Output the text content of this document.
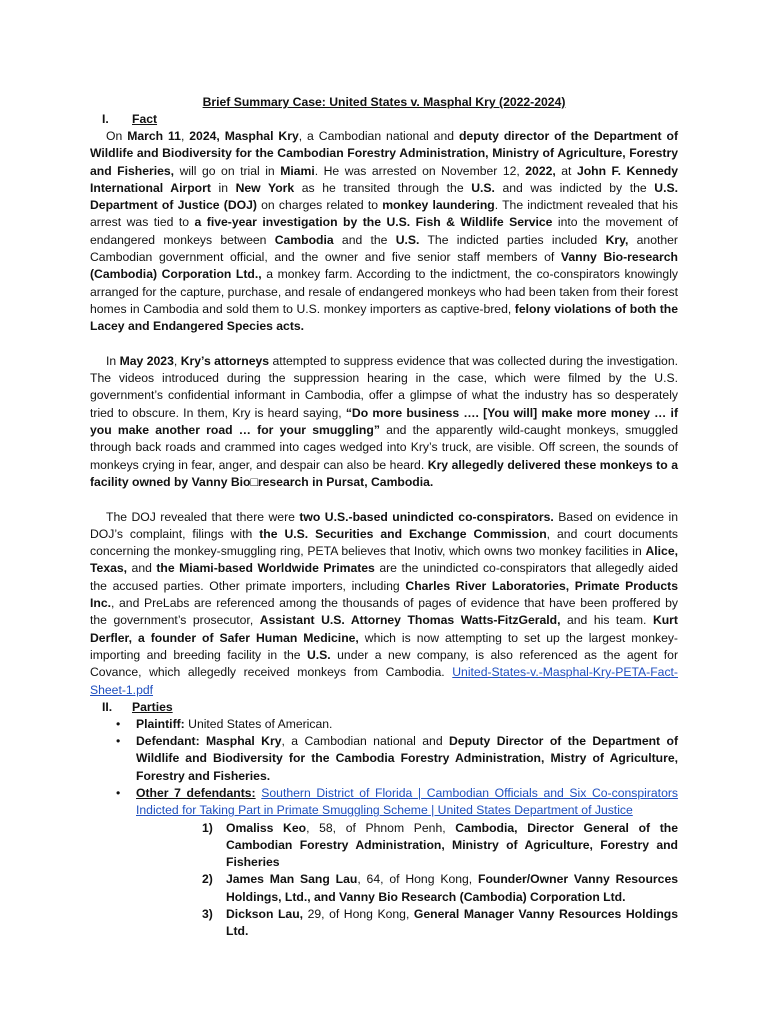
Brief Summary Case: United States v. Masphal Kry (2022-2024)
I.	Fact

On March 11, 2024, Masphal Kry, a Cambodian national and deputy director of the Department of Wildlife and Biodiversity for the Cambodian Forestry Administration, Ministry of Agriculture, Forestry and Fisheries, will go on trial in Miami. He was arrested on November 12, 2022, at John F. Kennedy International Airport in New York as he transited through the U.S. and was indicted by the U.S. Department of Justice (DOJ) on charges related to monkey laundering. The indictment revealed that his arrest was tied to a five-year investigation by the U.S. Fish & Wildlife Service into the movement of endangered monkeys between Cambodia and the U.S. The indicted parties included Kry, another Cambodian government official, and the owner and five senior staff members of Vanny Bio-research (Cambodia) Corporation Ltd., a monkey farm. According to the indictment, the co-conspirators knowingly arranged for the capture, purchase, and resale of endangered monkeys who had been taken from their forest homes in Cambodia and sold them to U.S. monkey importers as captive-bred, felony violations of both the Lacey and Endangered Species acts.

In May 2023, Kry’s attorneys attempted to suppress evidence that was collected during the investigation. The videos introduced during the suppression hearing in the case, which were filmed by the U.S. government’s confidential informant in Cambodia, offer a glimpse of what the industry has so desperately tried to obscure. In them, Kry is heard saying, “Do more business …. [You will] make more money … if you make another road … for your smuggling” and the apparently wild-caught monkeys, smuggled through back roads and crammed into cages wedged into Kry’s truck, are visible. Off screen, the sounds of monkeys crying in fear, anger, and despair can also be heard. Kry allegedly delivered these monkeys to a facility owned by Vanny Bio□research in Pursat, Cambodia.

The DOJ revealed that there were two U.S.-based unindicted co-conspirators. Based on evidence in DOJ’s complaint, filings with the U.S. Securities and Exchange Commission, and court documents concerning the monkey-smuggling ring, PETA believes that Inotiv, which owns two monkey facilities in Alice, Texas, and the Miami-based Worldwide Primates are the unindicted co-conspirators that allegedly aided the accused parties. Other primate importers, including Charles River Laboratories, Primate Products Inc., and PreLabs are referenced among the thousands of pages of evidence that have been proffered by the government’s prosecutor, Assistant U.S. Attorney Thomas Watts-FitzGerald, and his team. Kurt Derfler, a founder of Safer Human Medicine, which is now attempting to set up the largest monkey-importing and breeding facility in the U.S. under a new company, is also referenced as the agent for Covance, which allegedly received monkeys from Cambodia. United-States-v.-Masphal-Kry-PETA-Fact-Sheet-1.pdf

II.	Parties
• Plaintiff: United States of American.
• Defendant: Masphal Kry, a Cambodian national and Deputy Director of the Department of Wildlife and Biodiversity for the Cambodia Forestry Administration, Mistry of Agriculture, Forestry and Fisheries.
• Other 7 defendants: Southern District of Florida | Cambodian Officials and Six Co-conspirators Indicted for Taking Part in Primate Smuggling Scheme | United States Department of Justice
1) Omaliss Keo, 58, of Phnom Penh, Cambodia, Director General of the Cambodian Forestry Administration, Ministry of Agriculture, Forestry and Fisheries
2) James Man Sang Lau, 64, of Hong Kong, Founder/Owner Vanny Resources Holdings, Ltd., and Vanny Bio Research (Cambodia) Corporation Ltd.
3) Dickson Lau, 29, of Hong Kong, General Manager Vanny Resources Holdings Ltd.
